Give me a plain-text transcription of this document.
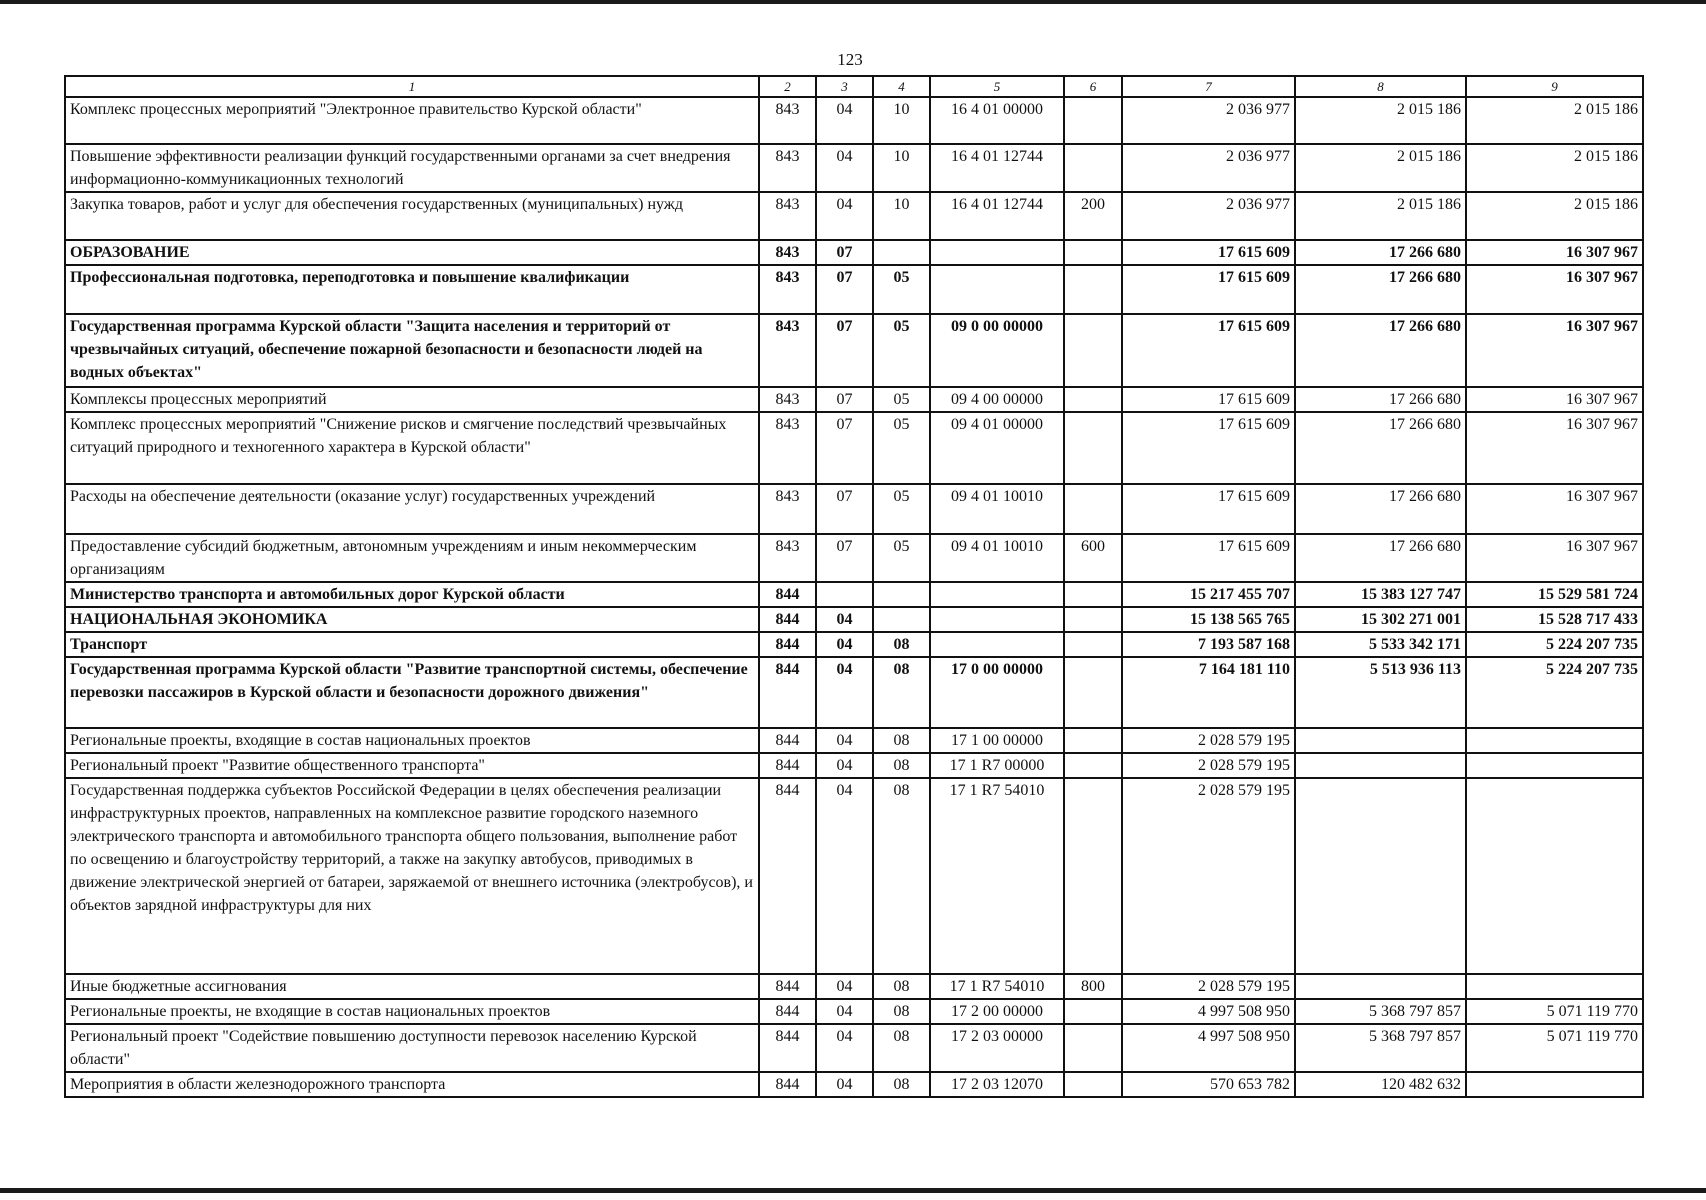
123
1	2	3	4	5	6	7	8	9
Комплекс процессных мероприятий "Электронное правительство Курской области"	843	04	10	16 4 01 00000		2 036 977	2 015 186	2 015 186
Повышение эффективности реализации функций государственными органами за счет внедрения информационно-коммуникационных технологий	843	04	10	16 4 01 12744		2 036 977	2 015 186	2 015 186
Закупка товаров, работ и услуг для обеспечения государственных (муниципальных) нужд	843	04	10	16 4 01 12744	200	2 036 977	2 015 186	2 015 186
ОБРАЗОВАНИЕ	843	07				17 615 609	17 266 680	16 307 967
Профессиональная подготовка, переподготовка и повышение квалификации	843	07	05			17 615 609	17 266 680	16 307 967
Государственная программа Курской области "Защита населения и территорий от чрезвычайных ситуаций, обеспечение пожарной безопасности и безопасности людей на водных объектах"	843	07	05	09 0 00 00000		17 615 609	17 266 680	16 307 967
Комплексы процессных мероприятий	843	07	05	09 4 00 00000		17 615 609	17 266 680	16 307 967
Комплекс процессных мероприятий "Снижение рисков и смягчение последствий чрезвычайных ситуаций природного и техногенного характера в Курской области"	843	07	05	09 4 01 00000		17 615 609	17 266 680	16 307 967
Расходы на обеспечение деятельности (оказание услуг) государственных учреждений	843	07	05	09 4 01 10010		17 615 609	17 266 680	16 307 967
Предоставление субсидий бюджетным, автономным учреждениям и иным некоммерческим организациям	843	07	05	09 4 01 10010	600	17 615 609	17 266 680	16 307 967
Министерство транспорта и автомобильных дорог Курской области	844					15 217 455 707	15 383 127 747	15 529 581 724
НАЦИОНАЛЬНАЯ ЭКОНОМИКА	844	04				15 138 565 765	15 302 271 001	15 528 717 433
Транспорт	844	04	08			7 193 587 168	5 533 342 171	5 224 207 735
Государственная программа Курской области "Развитие транспортной системы, обеспечение перевозки пассажиров в Курской области и безопасности дорожного движения"	844	04	08	17 0 00 00000		7 164 181 110	5 513 936 113	5 224 207 735
Региональные проекты, входящие в состав национальных проектов	844	04	08	17 1 00 00000		2 028 579 195		
Региональный проект "Развитие общественного транспорта"	844	04	08	17 1 R7 00000		2 028 579 195		
Государственная поддержка субъектов Российской Федерации в целях обеспечения реализации инфраструктурных проектов, направленных на комплексное развитие городского наземного электрического транспорта и автомобильного транспорта общего пользования, выполнение работ по освещению и благоустройству территорий, а также на закупку автобусов, приводимых в движение электрической энергией от батареи, заряжаемой от внешнего источника (электробусов), и объектов зарядной инфраструктуры для них	844	04	08	17 1 R7 54010		2 028 579 195		
Иные бюджетные ассигнования	844	04	08	17 1 R7 54010	800	2 028 579 195		
Региональные проекты, не входящие в состав национальных проектов	844	04	08	17 2 00 00000		4 997 508 950	5 368 797 857	5 071 119 770
Региональный проект "Содействие повышению доступности перевозок населению Курской области"	844	04	08	17 2 03 00000		4 997 508 950	5 368 797 857	5 071 119 770
Мероприятия в области железнодорожного транспорта	844	04	08	17 2 03 12070		570 653 782	120 482 632	
